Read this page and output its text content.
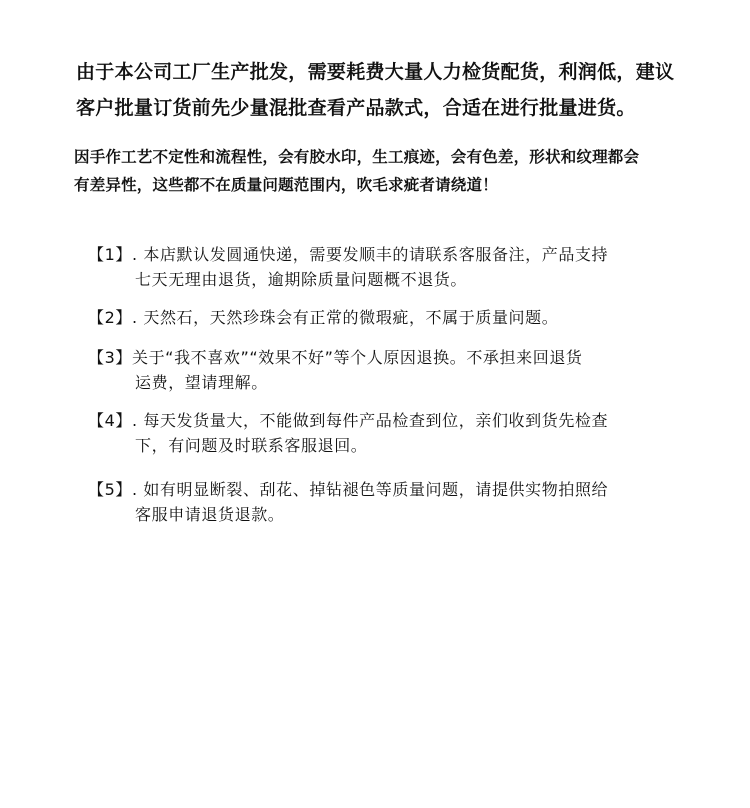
由于本公司工厂生产批发，需要耗费大量人力检货配货，利润低，建议

客户批量订货前先少量混批查看产品款式，合适在进行批量进货。

因手作工艺不定性和流程性，会有胶水印，生工痕迹，会有色差，形状和纹理都会

有差异性，这些都不在质量问题范围内，吹毛求疵者请绕道！

【1】. 本店默认发圆通快递，需要发顺丰的请联系客服备注，产品支持

七天无理由退货，逾期除质量问题概不退货。

【2】. 天然石，天然珍珠会有正常的微瑕疵，不属于质量问题。

【3】关于“我不喜欢”“效果不好”等个人原因退换。不承担来回退货

运费，望请理解。

【4】. 每天发货量大，不能做到每件产品检查到位，亲们收到货先检查

下，有问题及时联系客服退回。

【5】. 如有明显断裂、刮花、掉钻褪色等质量问题，请提供实物拍照给

客服申请退货退款。
